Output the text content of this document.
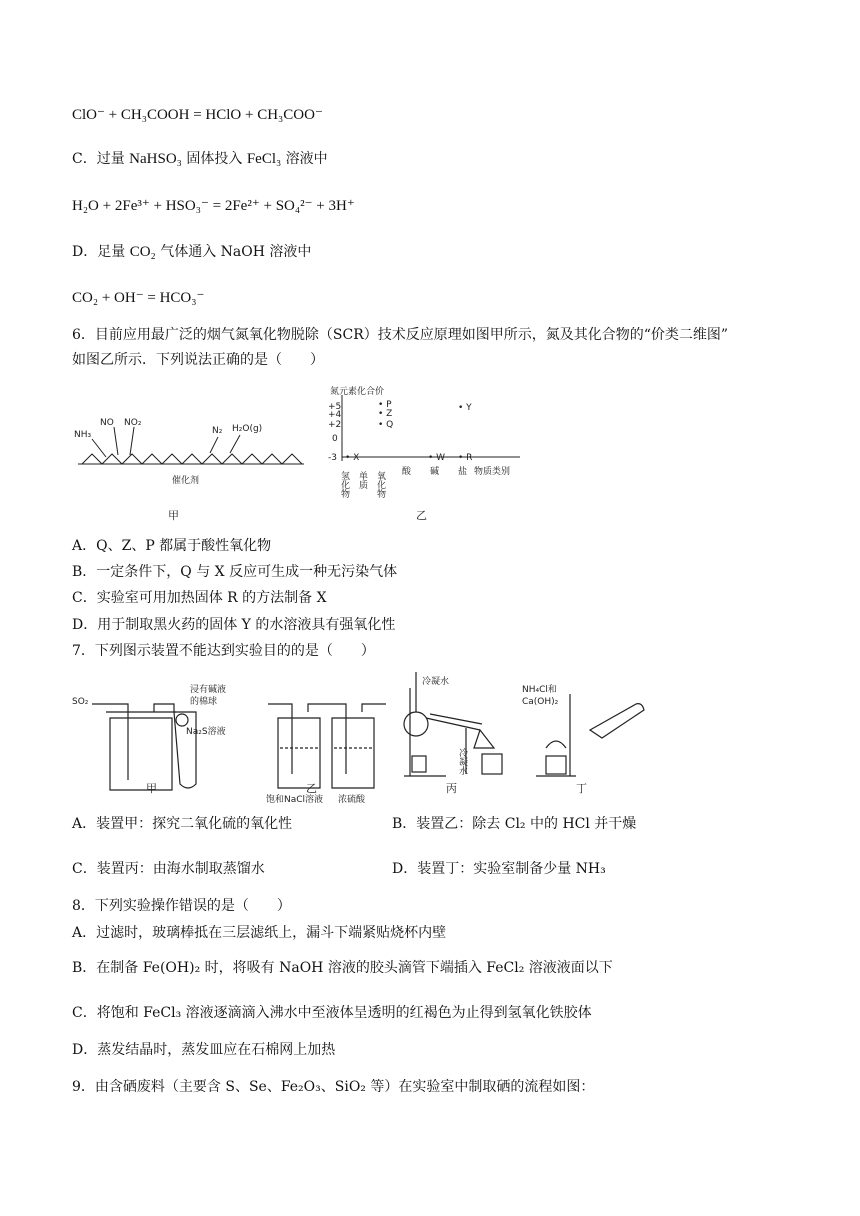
ClO⁻ + CH₃COOH = HClO + CH₃COO⁻
C．过量 NaHSO₃ 固体投入 FeCl₃ 溶液中
H₂O + 2Fe³⁺ + HSO₃⁻ = 2Fe²⁺ + SO₄²⁻ + 3H⁺
D．足量 CO₂ 气体通入 NaOH 溶液中
CO₂ + OH⁻ = HCO₃⁻
6．目前应用最广泛的烟气氮氧化物脱除（SCR）技术反应原理如图甲所示，氮及其化合物的“价类二维图”
如图乙所示．下列说法正确的是（　　）
NH₃
NO NO₂
N₂ H₂O(g)
催化剂
甲
氮元素化合价
+5
+4
+2
0
-3
氢化物 单质 氧化物 酸 碱 盐 物质类别
• X
• P
• Z
• Q
• Y
• W • R
乙
A．Q、Z、P 都属于酸性氧化物
B．一定条件下，Q 与 X 反应可生成一种无污染气体
C．实验室可用加热固体 R 的方法制备 X
D．用于制取黑火药的固体 Y 的水溶液具有强氧化性
7．下列图示装置不能达到实验目的的是（　　）
SO₂
浸有碱液
的棉球
Na₂S溶液
饱和NaCl溶液 浓硫酸
冷凝水
冷凝水
NH₄Cl和
Ca(OH)₂
甲	乙	丙	丁
A．装置甲：探究二氧化硫的氧化性	B．装置乙：除去 Cl₂ 中的 HCl 并干燥
C．装置丙：由海水制取蒸馏水	D．装置丁：实验室制备少量 NH₃
8．下列实验操作错误的是（　　）
A．过滤时，玻璃棒抵在三层滤纸上，漏斗下端紧贴烧杯内壁
B．在制备 Fe(OH)₂ 时，将吸有 NaOH 溶液的胶头滴管下端插入 FeCl₂ 溶液液面以下
C．将饱和 FeCl₃ 溶液逐滴滴入沸水中至液体呈透明的红褐色为止得到氢氧化铁胶体
D．蒸发结晶时，蒸发皿应在石棉网上加热
9．由含硒废料（主要含 S、Se、Fe₂O₃、SiO₂ 等）在实验室中制取硒的流程如图：
